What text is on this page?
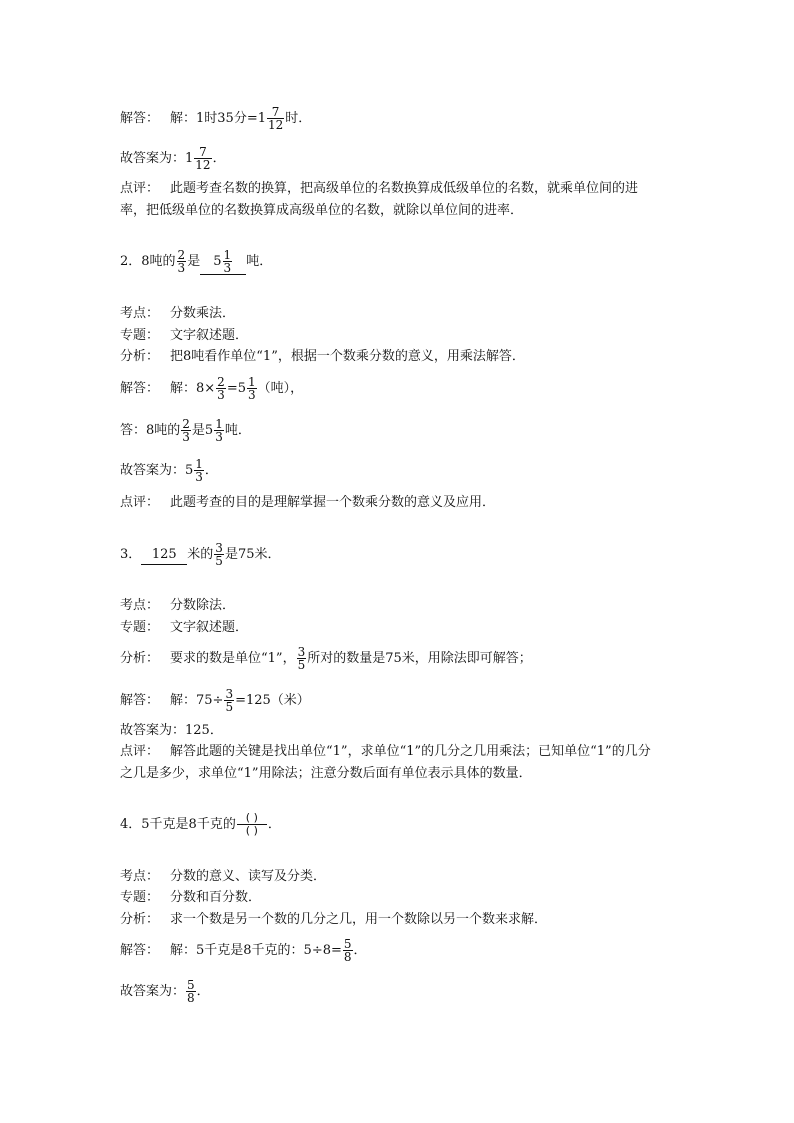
解答： 解：1时35分$=1 \frac{7}{12}$ 时．
故答案为：$1 \frac{7}{12}$ ．
点评： 此题考查名数的换算，把高级单位的名数换算成低级单位的名数，就乘单位间的进
率，把低级单位的名数换算成高级单位的名数，就除以单位间的进率．
2．8吨的 $\frac{2}{3}$ 是 $5 \frac{1}{3}$ 吨．
考点： 分数乘法．
专题： 文字叙述题．
分析： 把8吨看作单位“1”，根据一个数乘分数的意义，用乘法解答．
解答： 解：$8\times \frac{2}{3} =5 \frac{1}{3}$ （吨），
答：8吨的 $\frac{2}{3}$ 是$5 \frac{1}{3}$ 吨．
故答案为：$5 \frac{1}{3}$ ．
点评： 此题考查的目的是理解掌握一个数乘分数的意义及应用．
3． 125 米的 $\frac{3}{5}$ 是75米．
考点： 分数除法．
专题： 文字叙述题．
分析： 要求的数是单位“1”， $\frac{3}{5}$ 所对的数量是75米，用除法即可解答；
解答： 解：$75\div \frac{3}{5} =125$（米）
故答案为：125．
点评： 解答此题的关键是找出单位“1”，求单位“1”的几分之几用乘法；已知单位“1”的几分
之几是多少，求单位“1”用除法；注意分数后面有单位表示具体的数量．
4．5千克是8千克的 $\frac{( )}{( )}$ ．
考点： 分数的意义、读写及分类．
专题： 分数和百分数．
分析： 求一个数是另一个数的几分之几，用一个数除以另一个数来求解．
解答： 解：5千克是8千克的：$5\div 8= \frac{5}{8}$ ．
故答案为： $\frac{5}{8}$ ．
